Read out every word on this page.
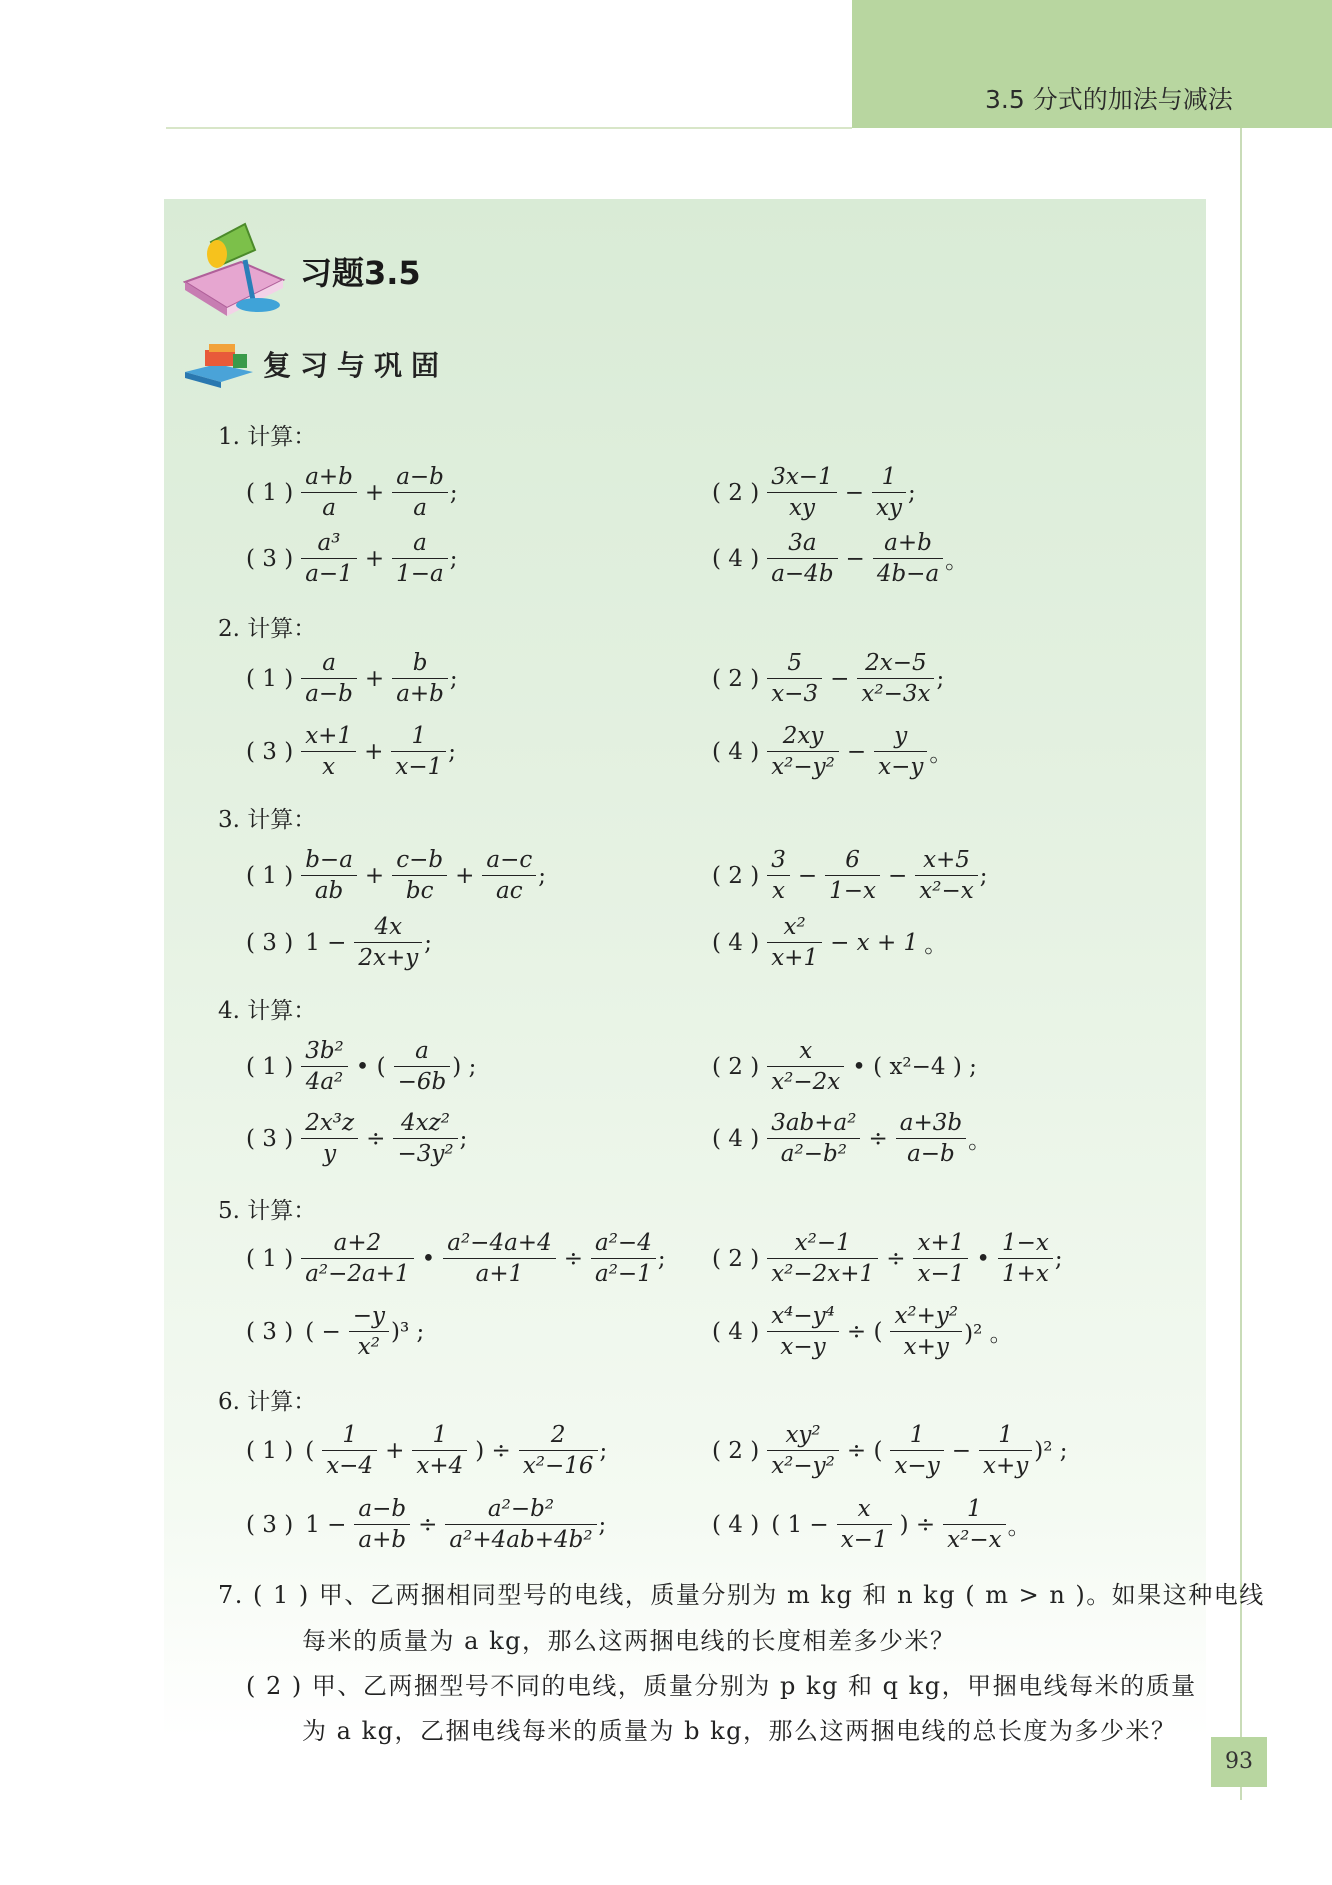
3.5 分式的加法与减法
习题3.5
复习与巩固
1. 计算：
( 1 ) $\frac{a+b}{a} + \frac{a-b}{a}$ ;	( 2 ) $\frac{3x-1}{xy} - \frac{1}{xy}$ ;
( 3 ) $\frac{\text{a³}}{a-1} + \frac{a}{1-a}$ ;	( 4 ) $\frac{3a}{a-4b} - \frac{a+b}{4b-a}$ 。
2. 计算：
( 1 ) $\frac{a}{a-b} + \frac{b}{a+b}$ ;	( 2 ) $\frac{5}{x-3} - \frac{2x-5}{\text{x²−3x}}$ ;
( 3 ) $\frac{x+1}{x} + \frac{1}{x-1}$ ;	( 4 ) $\frac{2xy}{\text{x²−y²}} - \frac{y}{x-y}$ 。
3. 计算：
( 1 ) $\frac{b-a}{ab} + \frac{c-b}{bc} + \frac{a-c}{ac}$ ;	( 2 ) $\frac{3}{x} - \frac{6}{1-x} - \frac{x+5}{\text{x²−x}}$ ;
( 3 ) $1 - \frac{4x}{2x+y}$ ;	( 4 ) $\frac{\text{x²}}{x+1} - x + 1$ 。
4. 计算：
( 1 ) $\frac{\text{3b²}}{\text{4a²}}$ • ( $\frac{a}{-6b}$ ) ;	( 2 ) $\frac{x}{\text{x²−2x}}$ • ( x²−4 ) ;
( 3 ) $\frac{\text{2x³z}}{y} \div \frac{\text{4xz²}}{\text{−3y²}}$ ;	( 4 ) $\frac{\text{3ab+a²}}{\text{a²−b²}} \div \frac{a+3b}{a-b}$ 。
5. 计算：
( 1 ) $\frac{a+2}{\text{a²−2a+1}}$ • $\frac{\text{a²−4a+4}}{a+1} \div \frac{\text{a²−4}}{\text{a²−1}}$ ; ( 2 ) $\frac{\text{x²−1}}{\text{x²−2x+1}} \div \frac{x+1}{x-1}$ • $\frac{1-x}{1+x}$ ;
( 3 ) ( − $\frac{-y}{\text{x²}} )^3$ ;	( 4 ) $\frac{\text{x⁴−y⁴}}{x-y}$ ÷ ( $\frac{\text{x²+y²}}{x+y} )^2$ 。
6. 计算：
( 1 ) ( $\frac{1}{x-4} + \frac{1}{x+4}$ ) ÷ $\frac{2}{\text{x²−16}}$ ;	( 2 ) $\frac{\text{xy²}}{\text{x²−y²}}$ ÷ ( $\frac{1}{x-y} - \frac{1}{x+y} )^2$ ;
( 3 ) $1 - \frac{a-b}{a+b} \div \frac{\text{a²−b²}}{\text{a²+4ab+4b²}}$ ;	( 4 ) ( $1 - \frac{x}{x-1}$ ) ÷ $\frac{1}{\text{x²−x}}$ 。
7. ( 1 ) 甲、乙两捆相同型号的电线，质量分别为 m kg 和 n kg ( m > n )。如果这种电线
每米的质量为 a kg，那么这两捆电线的长度相差多少米？
( 2 ) 甲、乙两捆型号不同的电线，质量分别为 p kg 和 q kg，甲捆电线每米的质量
为 a kg，乙捆电线每米的质量为 b kg，那么这两捆电线的总长度为多少米？
93
